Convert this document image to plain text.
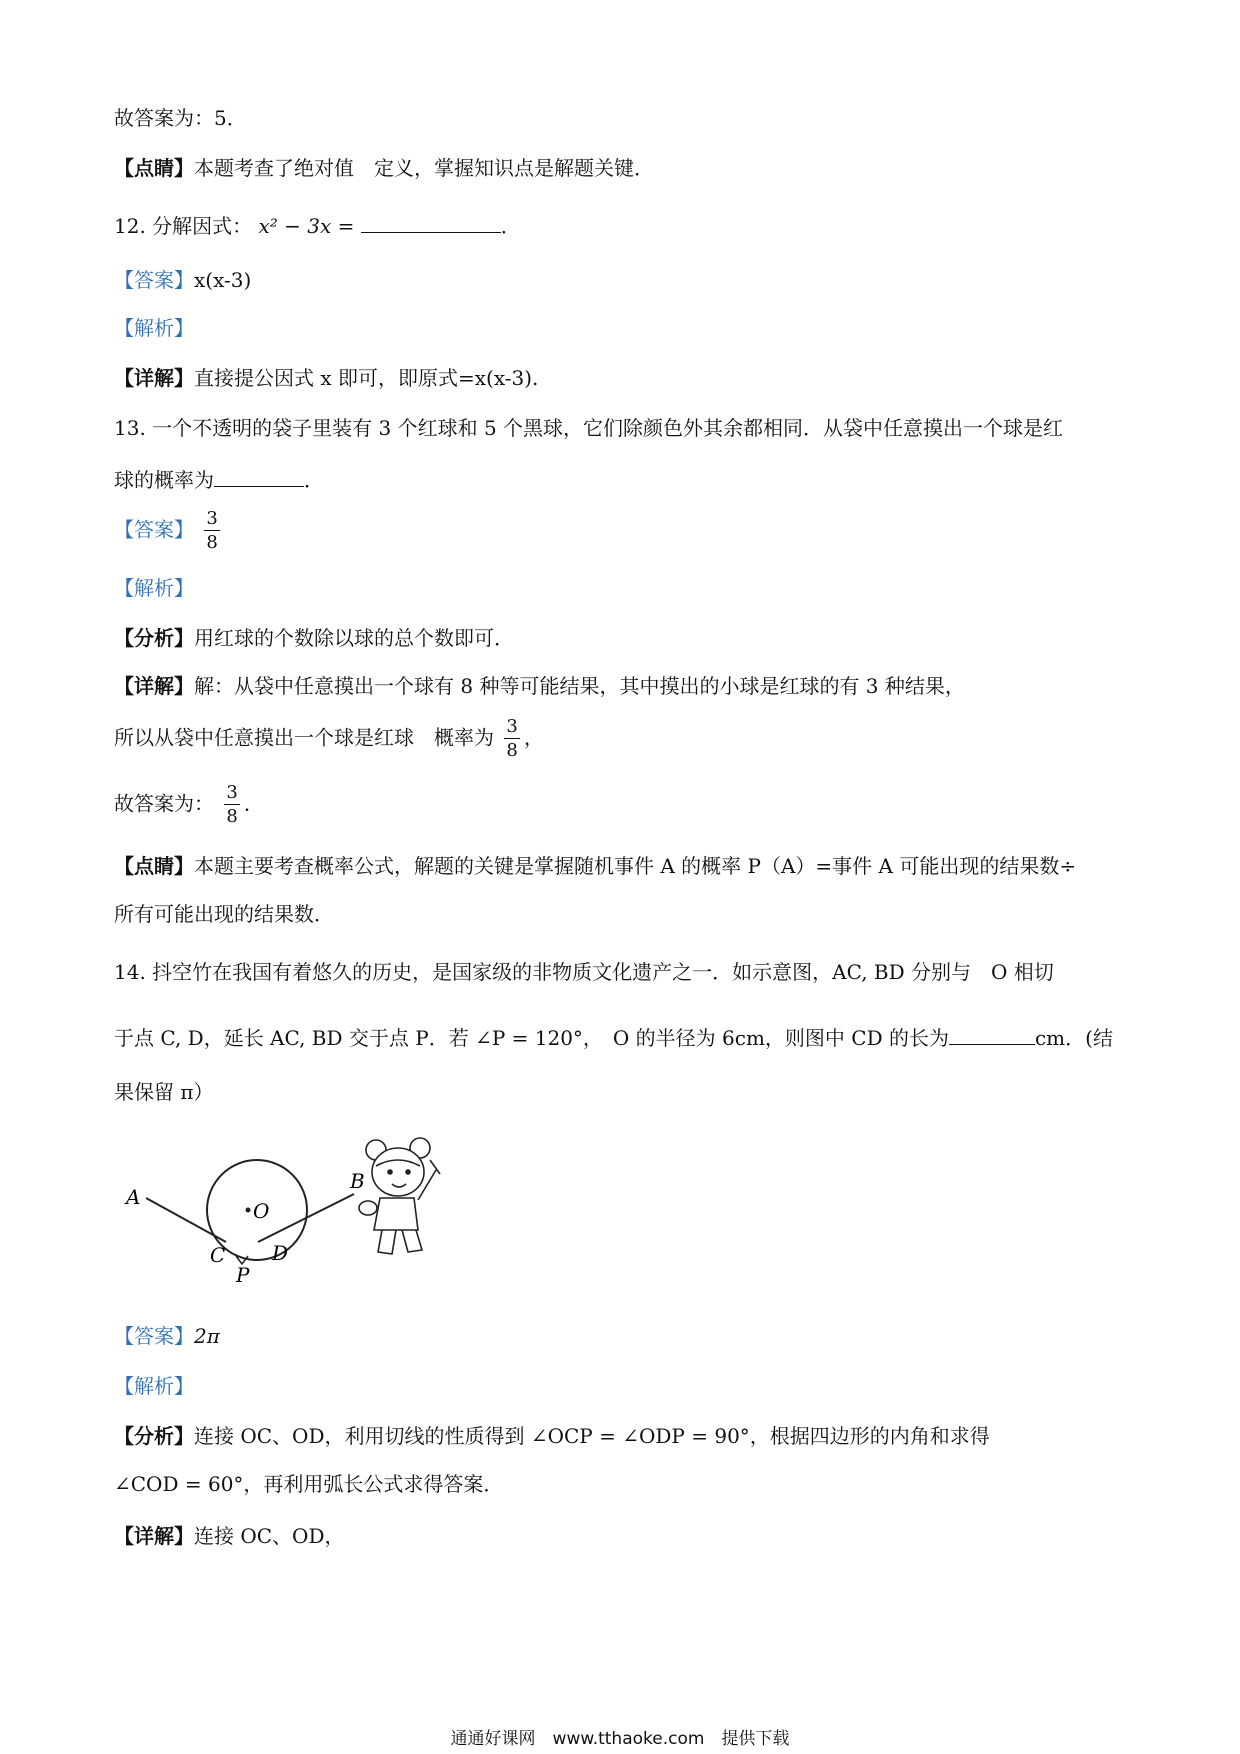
故答案为：5．
【点睛】本题考查了绝对值　定义，掌握知识点是解题关键．
12. 分解因式： x² − 3x =	．
【答案】x(x-3)
【解析】
【详解】直接提公因式 x 即可，即原式=x(x-3).
13. 一个不透明的袋子里装有 3 个红球和 5 个黑球，它们除颜色外其余都相同．从袋中任意摸出一个球是红
球的概率为	．
【答案】 $\frac{3}{8}$
【解析】
【分析】用红球的个数除以球的总个数即可．
【详解】解：从袋中任意摸出一个球有 8 种等可能结果，其中摸出的小球是红球的有 3 种结果，
所以从袋中任意摸出一个球是红球　概率为 $\frac{3}{8}$ ，
故答案为： $\frac{3}{8}$ ．
【点睛】本题主要考查概率公式，解题的关键是掌握随机事件 A 的概率 P（A）=事件 A 可能出现的结果数÷
所有可能出现的结果数．
14. 抖空竹在我国有着悠久的历史，是国家级的非物质文化遗产之一．如示意图，AC, BD 分别与　O 相切
于点 C, D，延长 AC, BD 交于点 P．若 ∠P = 120°，　O 的半径为 6cm，则图中 CD 的长为	cm．(结
果保留 π）
A
B
O
C D
P
【答案】2π
【解析】
【分析】连接 OC、OD，利用切线的性质得到 ∠OCP = ∠ODP = 90°，根据四边形的内角和求得
∠COD = 60°，再利用弧长公式求得答案．
【详解】连接 OC、OD，
通通好课网　www.tthaoke.com　提供下载
